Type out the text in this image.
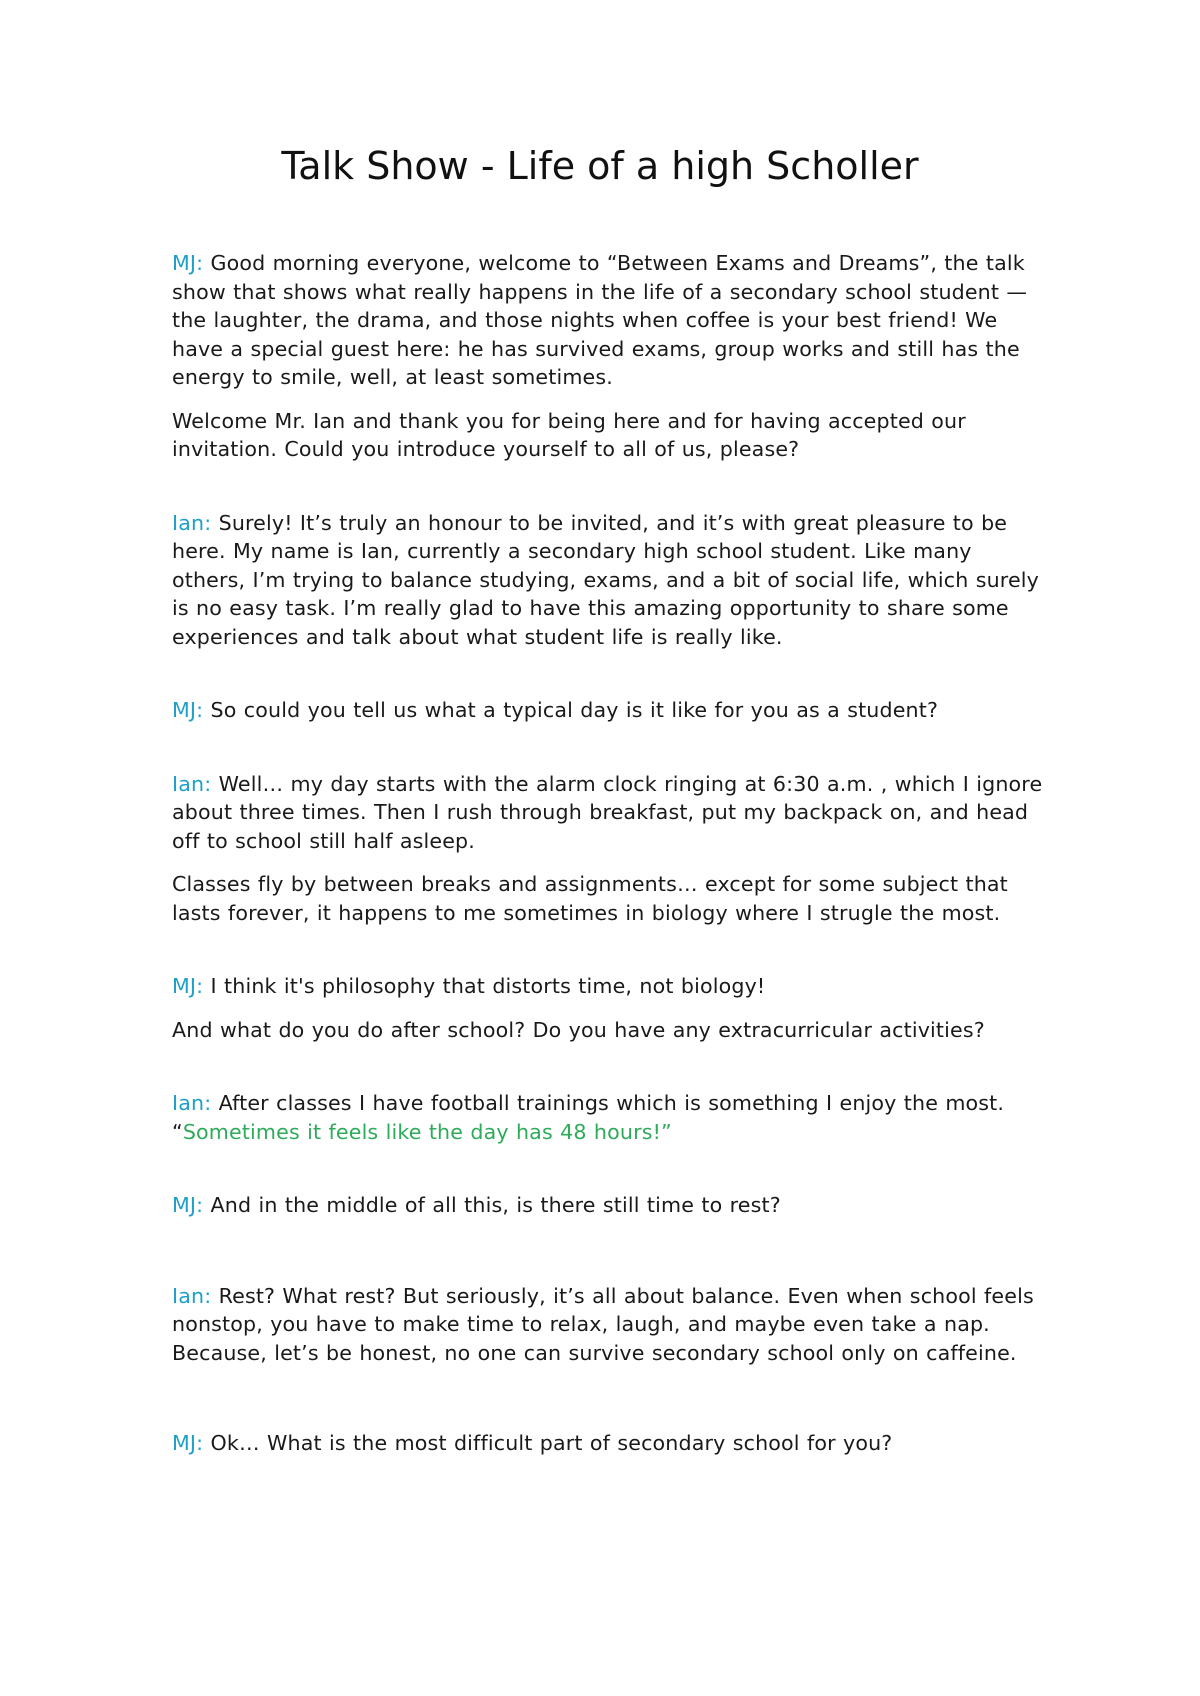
Talk Show - Life of a high Scholler

MJ: Good morning everyone, welcome to “Between Exams and Dreams”, the talk show that shows what really happens in the life of a secondary school student — the laughter, the drama, and those nights when coffee is your best friend! We have a special guest here: he has survived exams, group works and still has the energy to smile, well, at least sometimes.

Welcome Mr. Ian and thank you for being here and for having accepted our invitation. Could you introduce yourself to all of us, please?

Ian: Surely! It’s truly an honour to be invited, and it’s with great pleasure to be here. My name is Ian, currently a secondary high school student. Like many others, I’m trying to balance studying, exams, and a bit of social life, which surely is no easy task. I’m really glad to have this amazing opportunity to share some experiences and talk about what student life is really like.

MJ: So could you tell us what a typical day is it like for you as a student?

Ian: Well… my day starts with the alarm clock ringing at 6:30 a.m. , which I ignore about three times. Then I rush through breakfast, put my backpack on, and head off to school still half asleep.

Classes fly by between breaks and assignments… except for some subject that lasts forever, it happens to me sometimes in biology where I strugle the most.

MJ: I think it's philosophy that distorts time, not biology!

And what do you do after school? Do you have any extracurricular activities?

Ian: After classes I have football trainings which is something I enjoy the most. “Sometimes it feels like the day has 48 hours!”

MJ: And in the middle of all this, is there still time to rest?

Ian: Rest? What rest? But seriously, it’s all about balance. Even when school feels nonstop, you have to make time to relax, laugh, and maybe even take a nap. Because, let’s be honest, no one can survive secondary school only on caffeine.

MJ: Ok… What is the most difficult part of secondary school for you?
